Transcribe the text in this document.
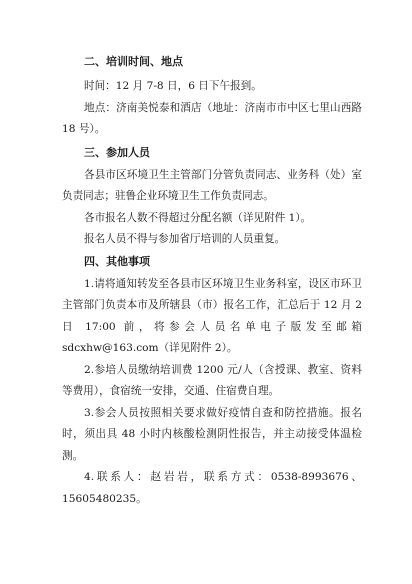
二、培训时间、地点

时间：12 月 7-8 日，6 日下午报到。

地点：济南美悦泰和酒店（地址：济南市市中区七里山西路 18 号）。

三、参加人员

各县市区环境卫生主管部门分管负责同志、业务科（处）室负责同志；驻鲁企业环境卫生工作负责同志。

各市报名人数不得超过分配名额（详见附件 1）。

报名人员不得与参加省厅培训的人员重复。

四、其他事项

1.请将通知转发至各县市区环境卫生业务科室，设区市环卫主管部门负责本市及所辖县（市）报名工作，汇总后于 12 月 2 日 17:00 前，将参会人员名单电子版发至邮箱 sdcxhw@163.com（详见附件 2）。

2.参培人员缴纳培训费 1200 元/人（含授课、教室、资料等费用），食宿统一安排，交通、住宿费自理。

3.参会人员按照相关要求做好疫情自查和防控措施。报名时，须出具 48 小时内核酸检测阴性报告，并主动接受体温检测。

4.联系人：赵岩岩，联系方式：0538-8993676、15605480235。
